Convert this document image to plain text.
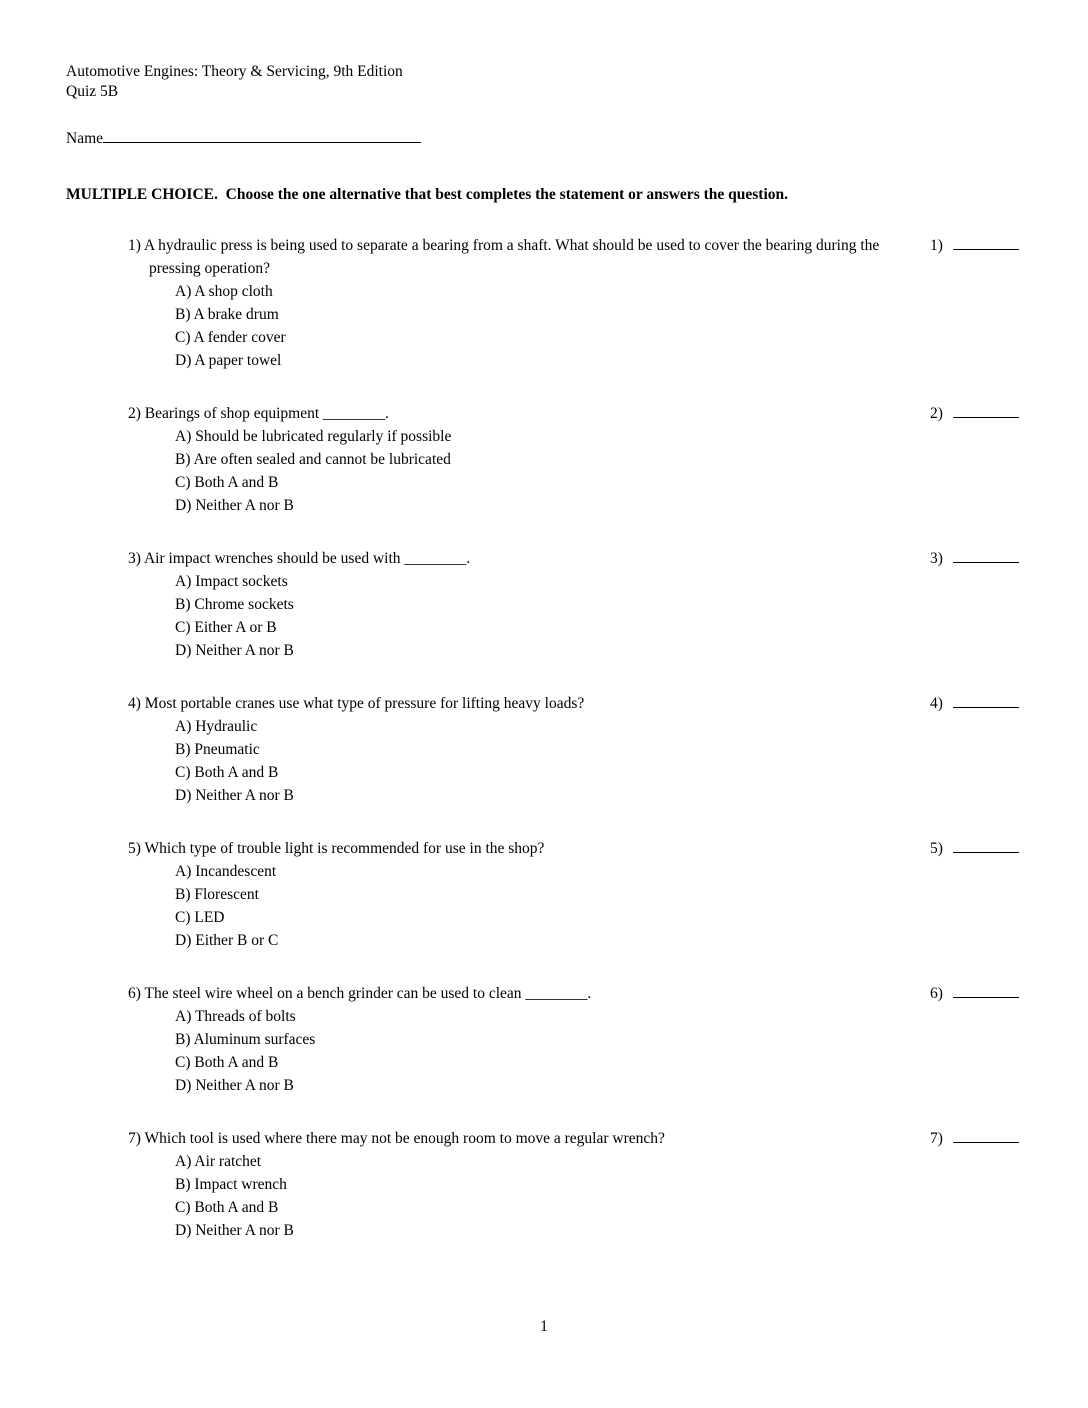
Automotive Engines: Theory & Servicing, 9th Edition
Quiz 5B
Name
MULTIPLE CHOICE.  Choose the one alternative that best completes the statement or answers the question.
1) A hydraulic press is being used to separate a bearing from a shaft. What should be used to cover the bearing during the pressing operation?
A) A shop cloth
B) A brake drum
C) A fender cover
D) A paper towel
1)
2) Bearings of shop equipment ________.
A) Should be lubricated regularly if possible
B) Are often sealed and cannot be lubricated
C) Both A and B
D) Neither A nor B
2)
3) Air impact wrenches should be used with ________.
A) Impact sockets
B) Chrome sockets
C) Either A or B
D) Neither A nor B
3)
4) Most portable cranes use what type of pressure for lifting heavy loads?
A) Hydraulic
B) Pneumatic
C) Both A and B
D) Neither A nor B
4)
5) Which type of trouble light is recommended for use in the shop?
A) Incandescent
B) Florescent
C) LED
D) Either B or C
5)
6) The steel wire wheel on a bench grinder can be used to clean ________.
A) Threads of bolts
B) Aluminum surfaces
C) Both A and B
D) Neither A nor B
6)
7) Which tool is used where there may not be enough room to move a regular wrench?
A) Air ratchet
B) Impact wrench
C) Both A and B
D) Neither A nor B
7)
1
